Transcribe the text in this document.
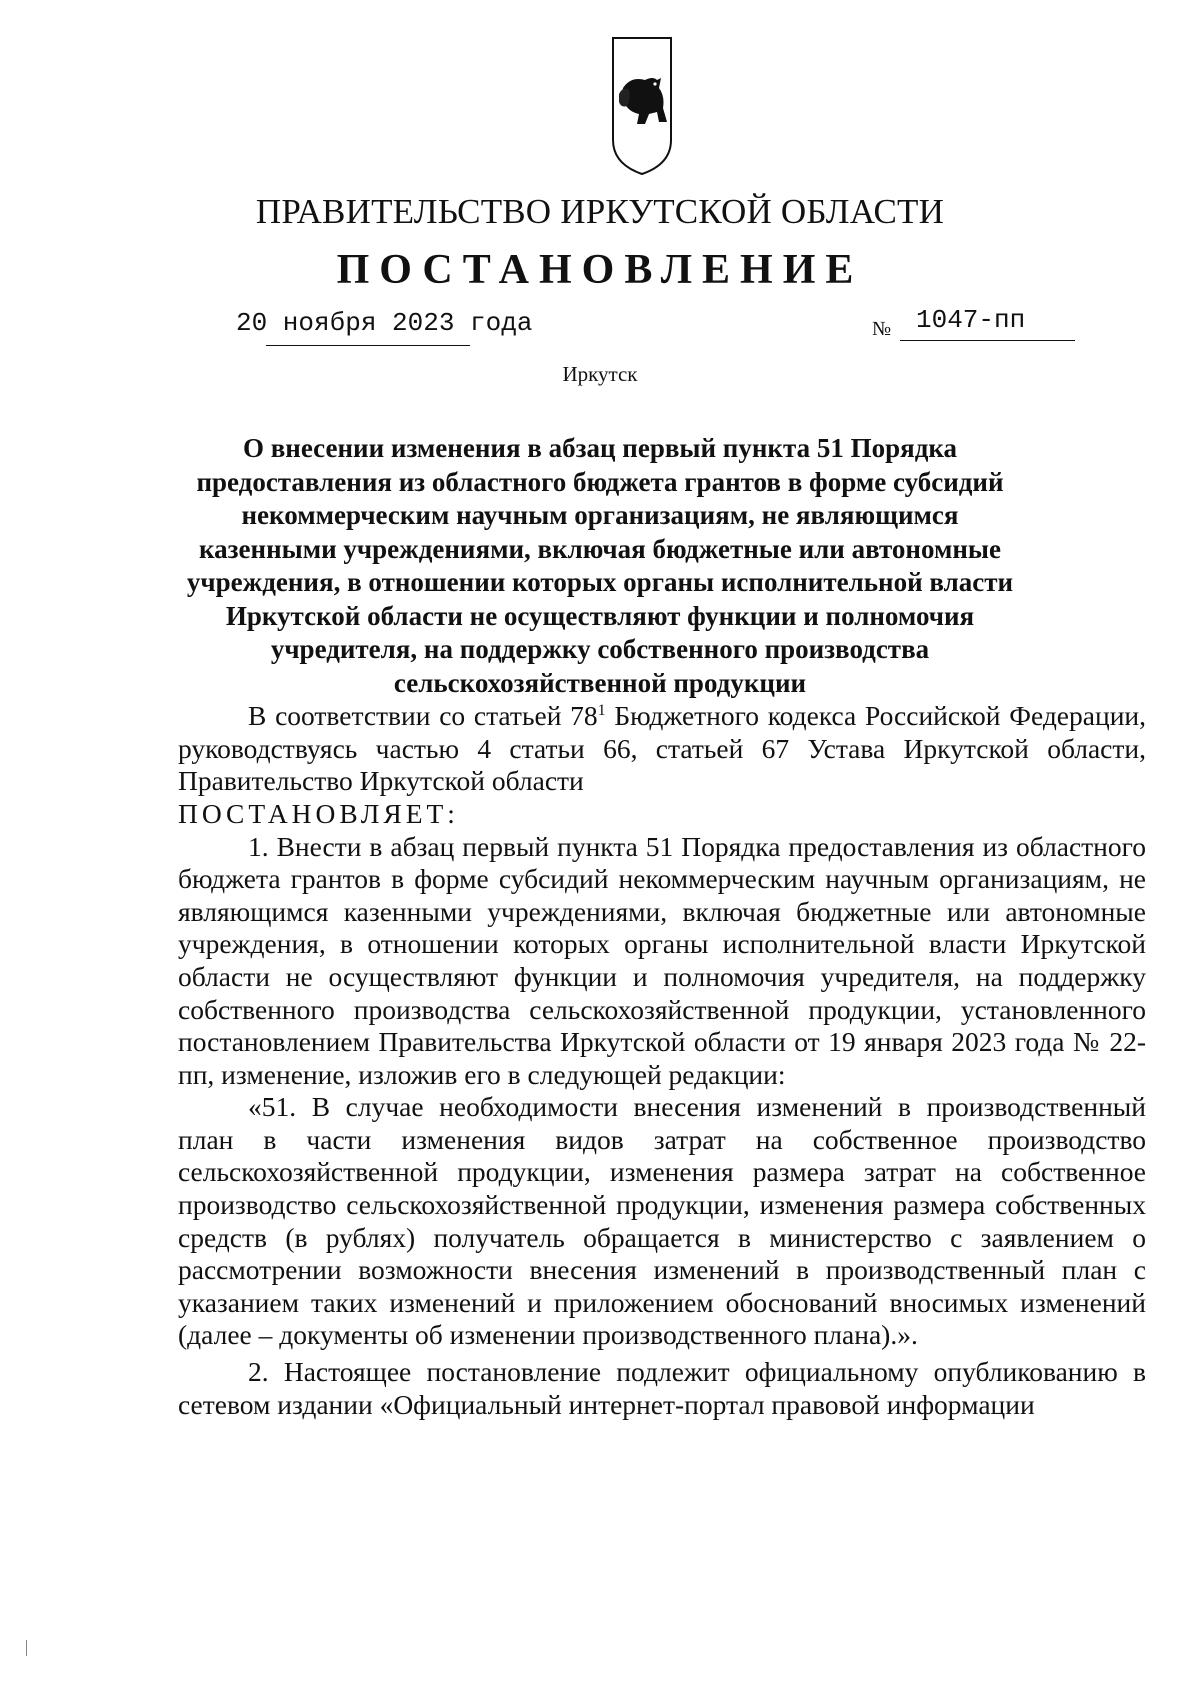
ПРАВИТЕЛЬСТВО ИРКУТСКОЙ ОБЛАСТИ
ПОСТАНОВЛЕНИЕ
20 ноября 2023 года	№ 1047-пп
Иркутск
О внесении изменения в абзац первый пункта 51 Порядка предоставления из областного бюджета грантов в форме субсидий некоммерческим научным организациям, не являющимся казенными учреждениями, включая бюджетные или автономные учреждения, в отношении которых органы исполнительной власти Иркутской области не осуществляют функции и полномочия учредителя, на поддержку собственного производства сельскохозяйственной продукции

В соответствии со статьей $78^1$ Бюджетного кодекса Российской Федерации, руководствуясь частью 4 статьи 66, статьей 67 Устава Иркутской области, Правительство Иркутской области

ПОСТАНОВЛЯЕТ:

1. Внести в абзац первый пункта 51 Порядка предоставления из областного бюджета грантов в форме субсидий некоммерческим научным организациям, не являющимся казенными учреждениями, включая бюджетные или автономные учреждения, в отношении которых органы исполнительной власти Иркутской области не осуществляют функции и полномочия учредителя, на поддержку собственного производства сельскохозяйственной продукции, установленного постановлением Правительства Иркутской области от 19 января 2023 года № 22-пп, изменение, изложив его в следующей редакции:

«51. В случае необходимости внесения изменений в производственный план в части изменения видов затрат на собственное производство сельскохозяйственной продукции, изменения размера затрат на собственное производство сельскохозяйственной продукции, изменения размера собственных средств (в рублях) получатель обращается в министерство с заявлением о рассмотрении возможности внесения изменений в производственный план с указанием таких изменений и приложением обоснований вносимых изменений (далее – документы об изменении производственного плана).».

2. Настоящее постановление подлежит официальному опубликованию в сетевом издании «Официальный интернет-портал правовой информации
